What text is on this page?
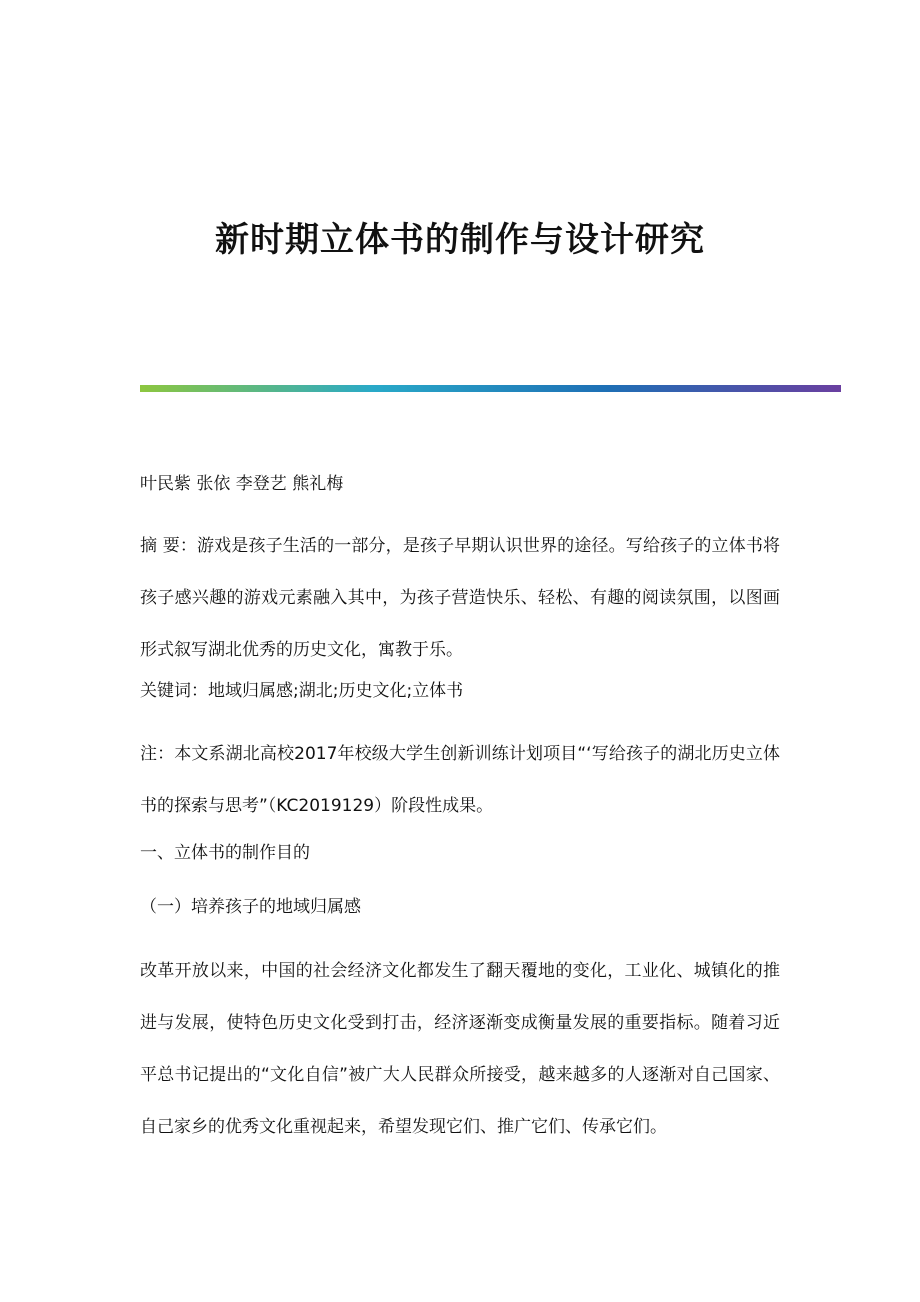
新时期立体书的制作与设计研究

叶民紫 张依 李登艺 熊礼梅

摘 要：游戏是孩子生活的一部分，是孩子早期认识世界的途径。写给孩子的立体书将孩子感兴趣的游戏元素融入其中，为孩子营造快乐、轻松、有趣的阅读氛围，以图画形式叙写湖北优秀的历史文化，寓教于乐。

关键词：地域归属感;湖北;历史文化;立体书

注：本文系湖北高校2017年校级大学生创新训练计划项目“‘写给孩子的湖北历史立体书的探索与思考”（KC2019129）阶段性成果。

一、立体书的制作目的

（一）培养孩子的地域归属感

改革开放以来，中国的社会经济文化都发生了翻天覆地的变化，工业化、城镇化的推进与发展，使特色历史文化受到打击，经济逐渐变成衡量发展的重要指标。随着习近平总书记提出的“文化自信”被广大人民群众所接受，越来越多的人逐渐对自己国家、自己家乡的优秀文化重视起来，希望发现它们、推广它们、传承它们。
